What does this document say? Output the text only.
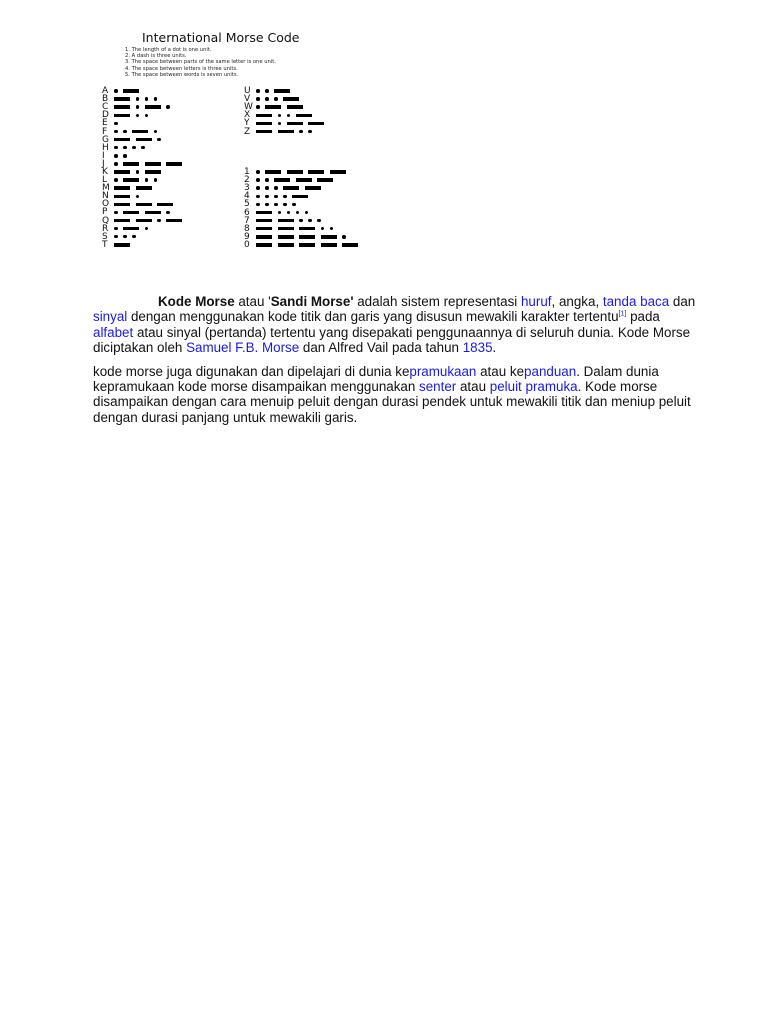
International Morse Code
1. The length of a dot is one unit.
2. A dash is three units.
3. The space between parts of the same letter is one unit.
4. The space between letters is three units.
5. The space between words is seven units.
A
B
C
D
E
F
G
H
I
J
K
L
M
N
O
P
Q
R
S
T
U
V
W
X
Y
Z
1
2
3
4
5
6
7
8
9
0

Kode Morse atau 'Sandi Morse' adalah sistem representasi huruf, angka, tanda baca dan sinyal dengan menggunakan kode titik dan garis yang disusun mewakili karakter tertentu[1] pada alfabet atau sinyal (pertanda) tertentu yang disepakati penggunaannya di seluruh dunia. Kode Morse diciptakan oleh Samuel F.B. Morse dan Alfred Vail pada tahun 1835.

kode morse juga digunakan dan dipelajari di dunia kepramukaan atau kepanduan. Dalam dunia kepramukaan kode morse disampaikan menggunakan senter atau peluit pramuka. Kode morse disampaikan dengan cara menuip peluit dengan durasi pendek untuk mewakili titik dan meniup peluit dengan durasi panjang untuk mewakili garis.
